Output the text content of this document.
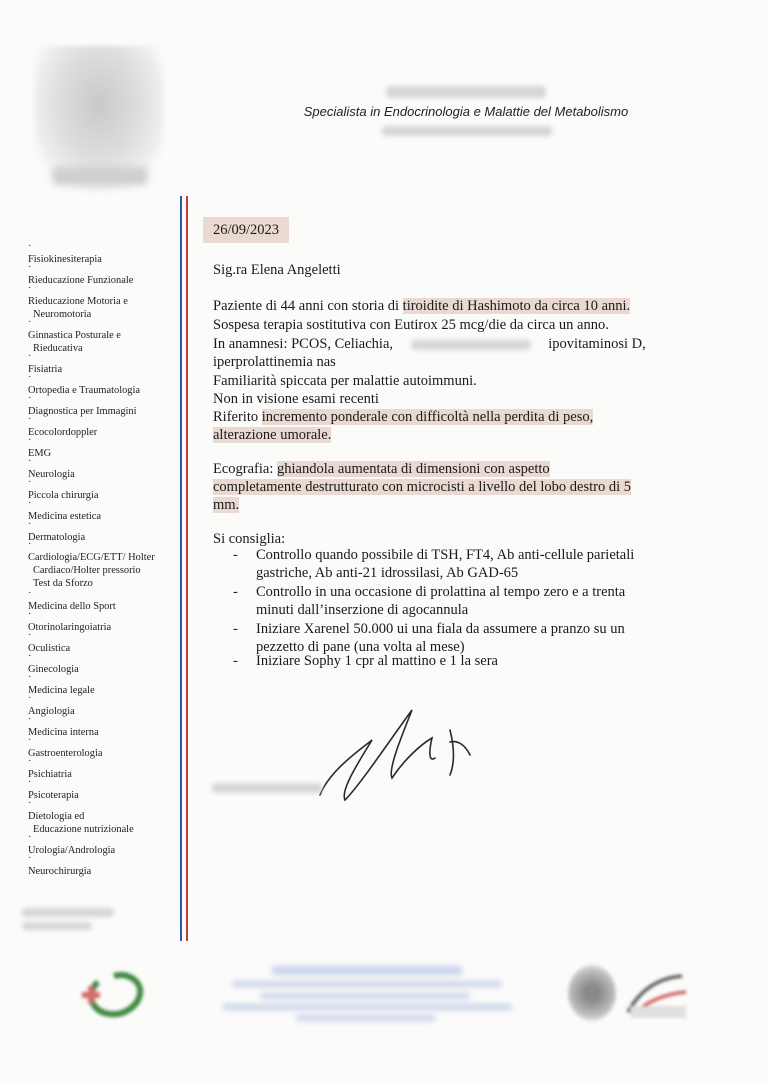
Specialista in Endocrinologia e Malattie del Metabolismo
· Fisiokinesiterapia
· Rieducazione Funzionale
· Rieducazione Motoria e
Neuromotoria
· Ginnastica Posturale e
Rieducativa
· Fisiatria
· Ortopedia e Traumatologia
· Diagnostica per Immagini
· Ecocolordoppler
· EMG
· Neurologia
· Piccola chirurgia
· Medicina estetica
· Dermatologia
· Cardiologia/ECG/ETT/ Holter
Cardiaco/Holter pressorio
Test da Sforzo
· Medicina dello Sport
· Otorinolaringoiatria
· Oculistica
· Ginecologia
· Medicina legale
· Angiologia
· Medicina interna
· Gastroenterologia
· Psichiatria
· Psicoterapia
· Dietologia ed
Educazione nutrizionale
· Urologia/Andrologia
· Neurochirurgia
26/09/2023
Sig.ra Elena Angeletti
Paziente di 44 anni con storia di tiroidite di Hashimoto da circa 10 anni.
Sospesa terapia sostitutiva con Eutirox 25 mcg/die da circa un anno.
In anamnesi: PCOS, Celiachia,	ipovitaminosi D,
iperprolattinemia nas
Familiarità spiccata per malattie autoimmuni.
Non in visione esami recenti
Riferito incremento ponderale con difficoltà nella perdita di peso,
alterazione umorale.
Ecografia: ghiandola aumentata di dimensioni con aspetto
completamente destrutturato con microcisti a livello del lobo destro di 5
mm.
Si consiglia:
- Controllo quando possibile di TSH, FT4, Ab anti-cellule parietali
gastriche, Ab anti-21 idrossilasi, Ab GAD-65
- Controllo in una occasione di prolattina al tempo zero e a trenta
minuti dall’inserzione di agocannula
- Iniziare Xarenel 50.000 ui una fiala da assumere a pranzo su un
pezzetto di pane (una volta al mese)
- Iniziare Sophy 1 cpr al mattino e 1 la sera
